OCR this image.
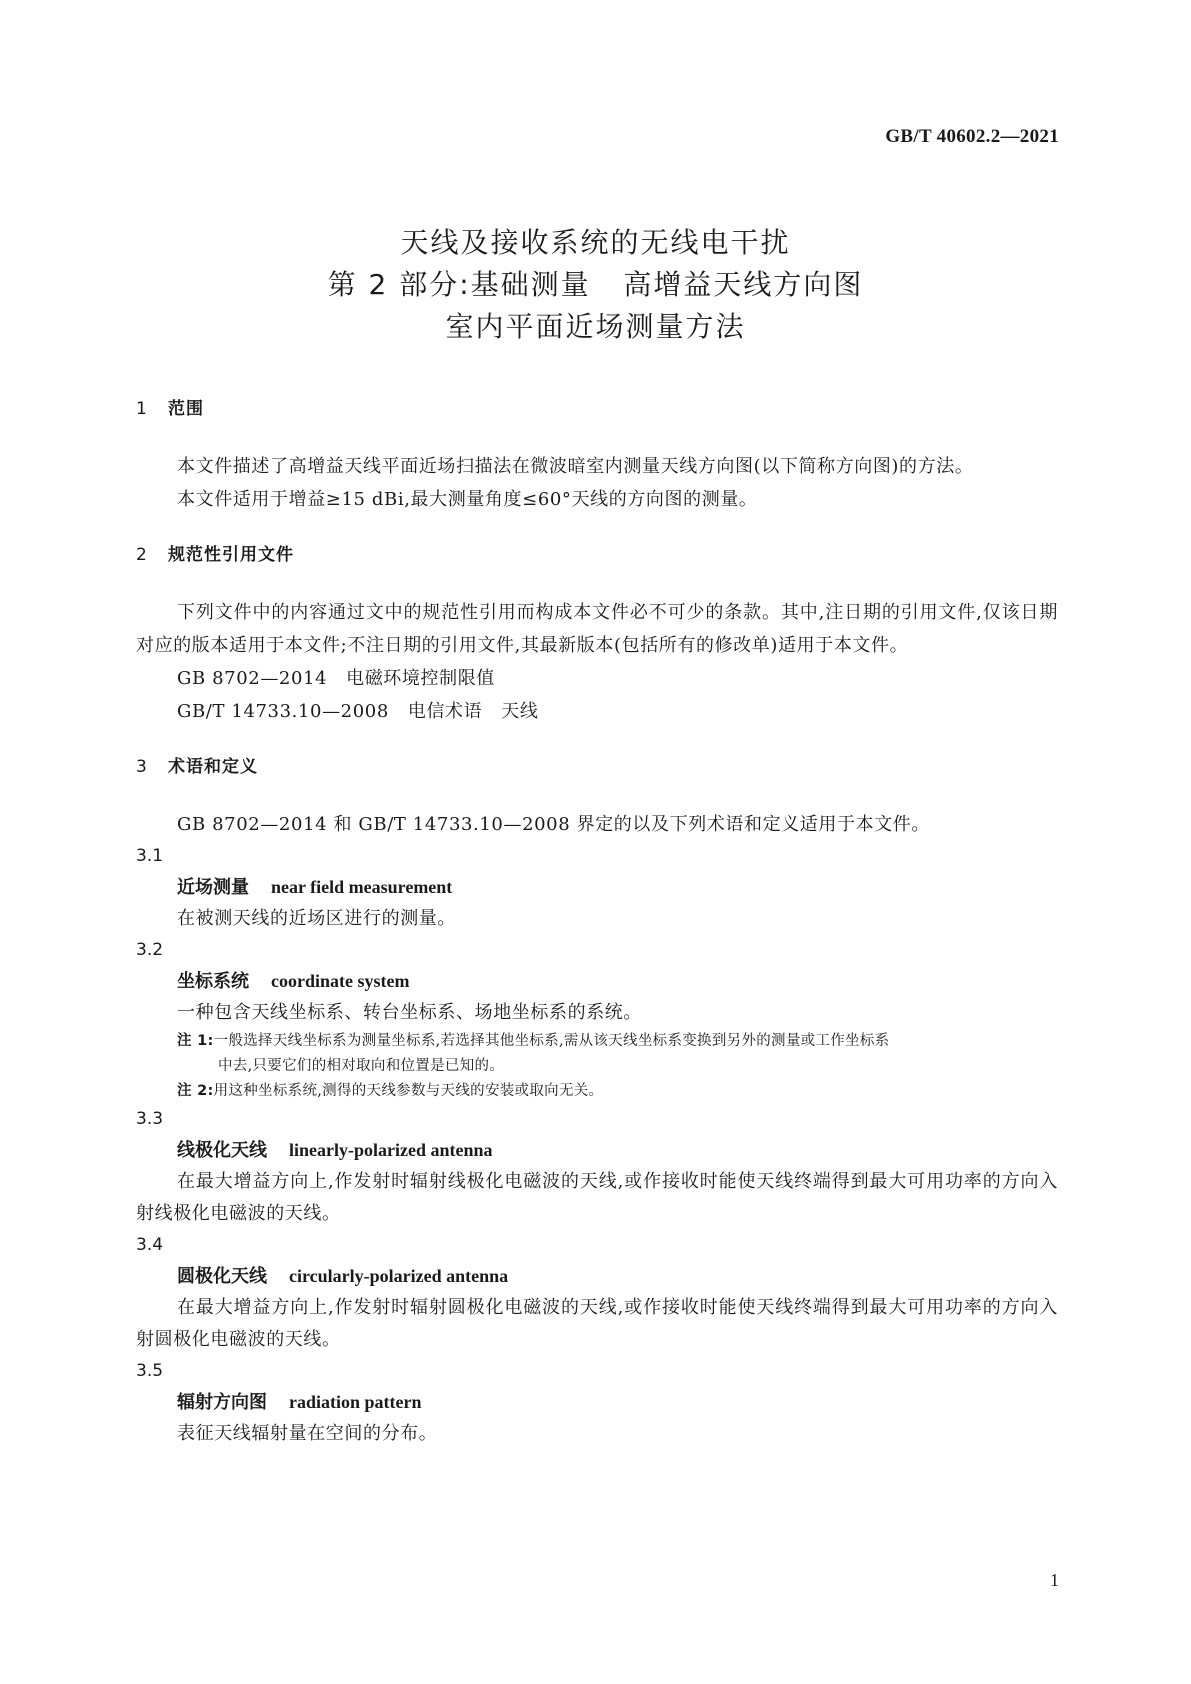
GB/T 40602.2—2021
天线及接收系统的无线电干扰
第 2 部分:基础测量   高增益天线方向图
室内平面近场测量方法
1 范围
本文件描述了高增益天线平面近场扫描法在微波暗室内测量天线方向图(以下简称方向图)的方法。
本文件适用于增益≥15 dBi,最大测量角度≤60°天线的方向图的测量。
2 规范性引用文件
下列文件中的内容通过文中的规范性引用而构成本文件必不可少的条款。其中,注日期的引用文件,仅该日期对应的版本适用于本文件;不注日期的引用文件,其最新版本(包括所有的修改单)适用于本文件。
GB 8702—2014   电磁环境控制限值
GB/T 14733.10—2008   电信术语   天线
3 术语和定义
GB 8702—2014 和 GB/T 14733.10—2008 界定的以及下列术语和定义适用于本文件。
3.1
近场测量 near field measurement
在被测天线的近场区进行的测量。
3.2
坐标系统 coordinate system
一种包含天线坐标系、转台坐标系、场地坐标系的系统。
注 1:一般选择天线坐标系为测量坐标系,若选择其他坐标系,需从该天线坐标系变换到另外的测量或工作坐标系
中去,只要它们的相对取向和位置是已知的。
注 2:用这种坐标系统,测得的天线参数与天线的安装或取向无关。
3.3
线极化天线 linearly-polarized antenna
在最大增益方向上,作发射时辐射线极化电磁波的天线,或作接收时能使天线终端得到最大可用功率的方向入射线极化电磁波的天线。
3.4
圆极化天线 circularly-polarized antenna
在最大增益方向上,作发射时辐射圆极化电磁波的天线,或作接收时能使天线终端得到最大可用功率的方向入射圆极化电磁波的天线。
3.5
辐射方向图 radiation pattern
表征天线辐射量在空间的分布。
1
